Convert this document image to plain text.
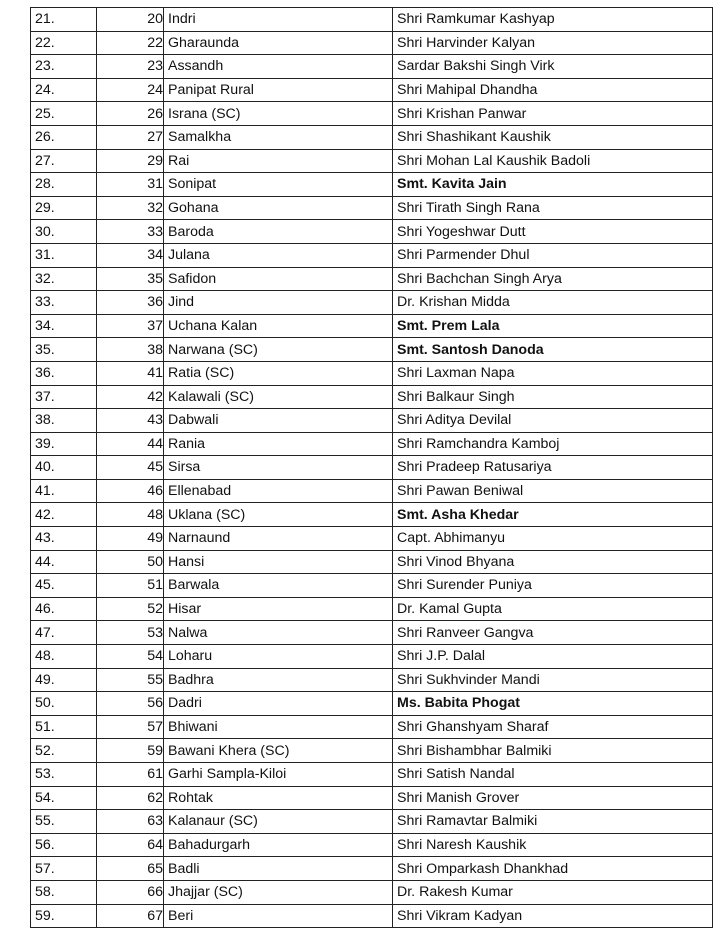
21.	20	Indri	Shri Ramkumar Kashyap
22.	22	Gharaunda	Shri Harvinder Kalyan
23.	23	Assandh	Sardar Bakshi Singh Virk
24.	24	Panipat Rural	Shri Mahipal Dhandha
25.	26	Israna (SC)	Shri Krishan Panwar
26.	27	Samalkha	Shri Shashikant Kaushik
27.	29	Rai	Shri Mohan Lal Kaushik Badoli
28.	31	Sonipat	Smt. Kavita Jain
29.	32	Gohana	Shri Tirath Singh Rana
30.	33	Baroda	Shri Yogeshwar Dutt
31.	34	Julana	Shri Parmender Dhul
32.	35	Safidon	Shri Bachchan Singh Arya
33.	36	Jind	Dr. Krishan Midda
34.	37	Uchana Kalan	Smt. Prem Lala
35.	38	Narwana (SC)	Smt. Santosh Danoda
36.	41	Ratia (SC)	Shri Laxman Napa
37.	42	Kalawali (SC)	Shri Balkaur Singh
38.	43	Dabwali	Shri Aditya Devilal
39.	44	Rania	Shri Ramchandra Kamboj
40.	45	Sirsa	Shri Pradeep Ratusariya
41.	46	Ellenabad	Shri Pawan Beniwal
42.	48	Uklana (SC)	Smt. Asha Khedar
43.	49	Narnaund	Capt. Abhimanyu
44.	50	Hansi	Shri Vinod Bhyana
45.	51	Barwala	Shri Surender Puniya
46.	52	Hisar	Dr. Kamal Gupta
47.	53	Nalwa	Shri Ranveer Gangva
48.	54	Loharu	Shri J.P. Dalal
49.	55	Badhra	Shri Sukhvinder Mandi
50.	56	Dadri	Ms. Babita Phogat
51.	57	Bhiwani	Shri Ghanshyam Sharaf
52.	59	Bawani Khera (SC)	Shri Bishambhar Balmiki
53.	61	Garhi Sampla-Kiloi	Shri Satish Nandal
54.	62	Rohtak	Shri Manish Grover
55.	63	Kalanaur (SC)	Shri Ramavtar Balmiki
56.	64	Bahadurgarh	Shri Naresh Kaushik
57.	65	Badli	Shri Omparkash Dhankhad
58.	66	Jhajjar (SC)	Dr. Rakesh Kumar
59.	67	Beri	Shri Vikram Kadyan
